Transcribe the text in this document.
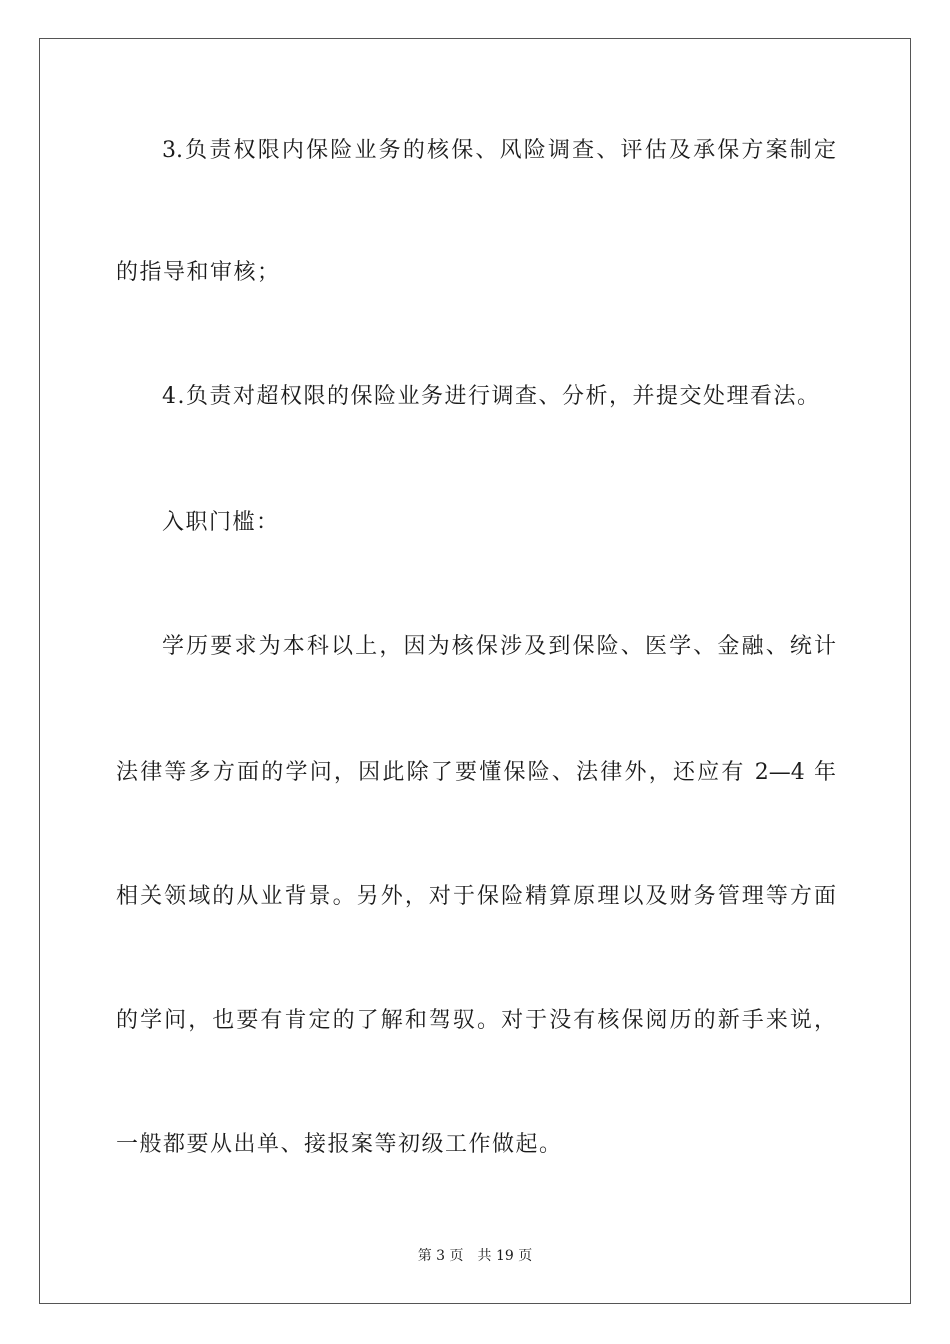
3.负责权限内保险业务的核保、风险调查、评估及承保方案制定
的指导和审核；
4.负责对超权限的保险业务进行调查、分析，并提交处理看法。
入职门槛：
学历要求为本科以上，因为核保涉及到保险、医学、金融、统计
法律等多方面的学问，因此除了要懂保险、法律外，还应有 2—4 年
相关领域的从业背景。另外，对于保险精算原理以及财务管理等方面
的学问，也要有肯定的了解和驾驭。对于没有核保阅历的新手来说，
一般都要从出单、接报案等初级工作做起。
第 3 页 共 19 页
